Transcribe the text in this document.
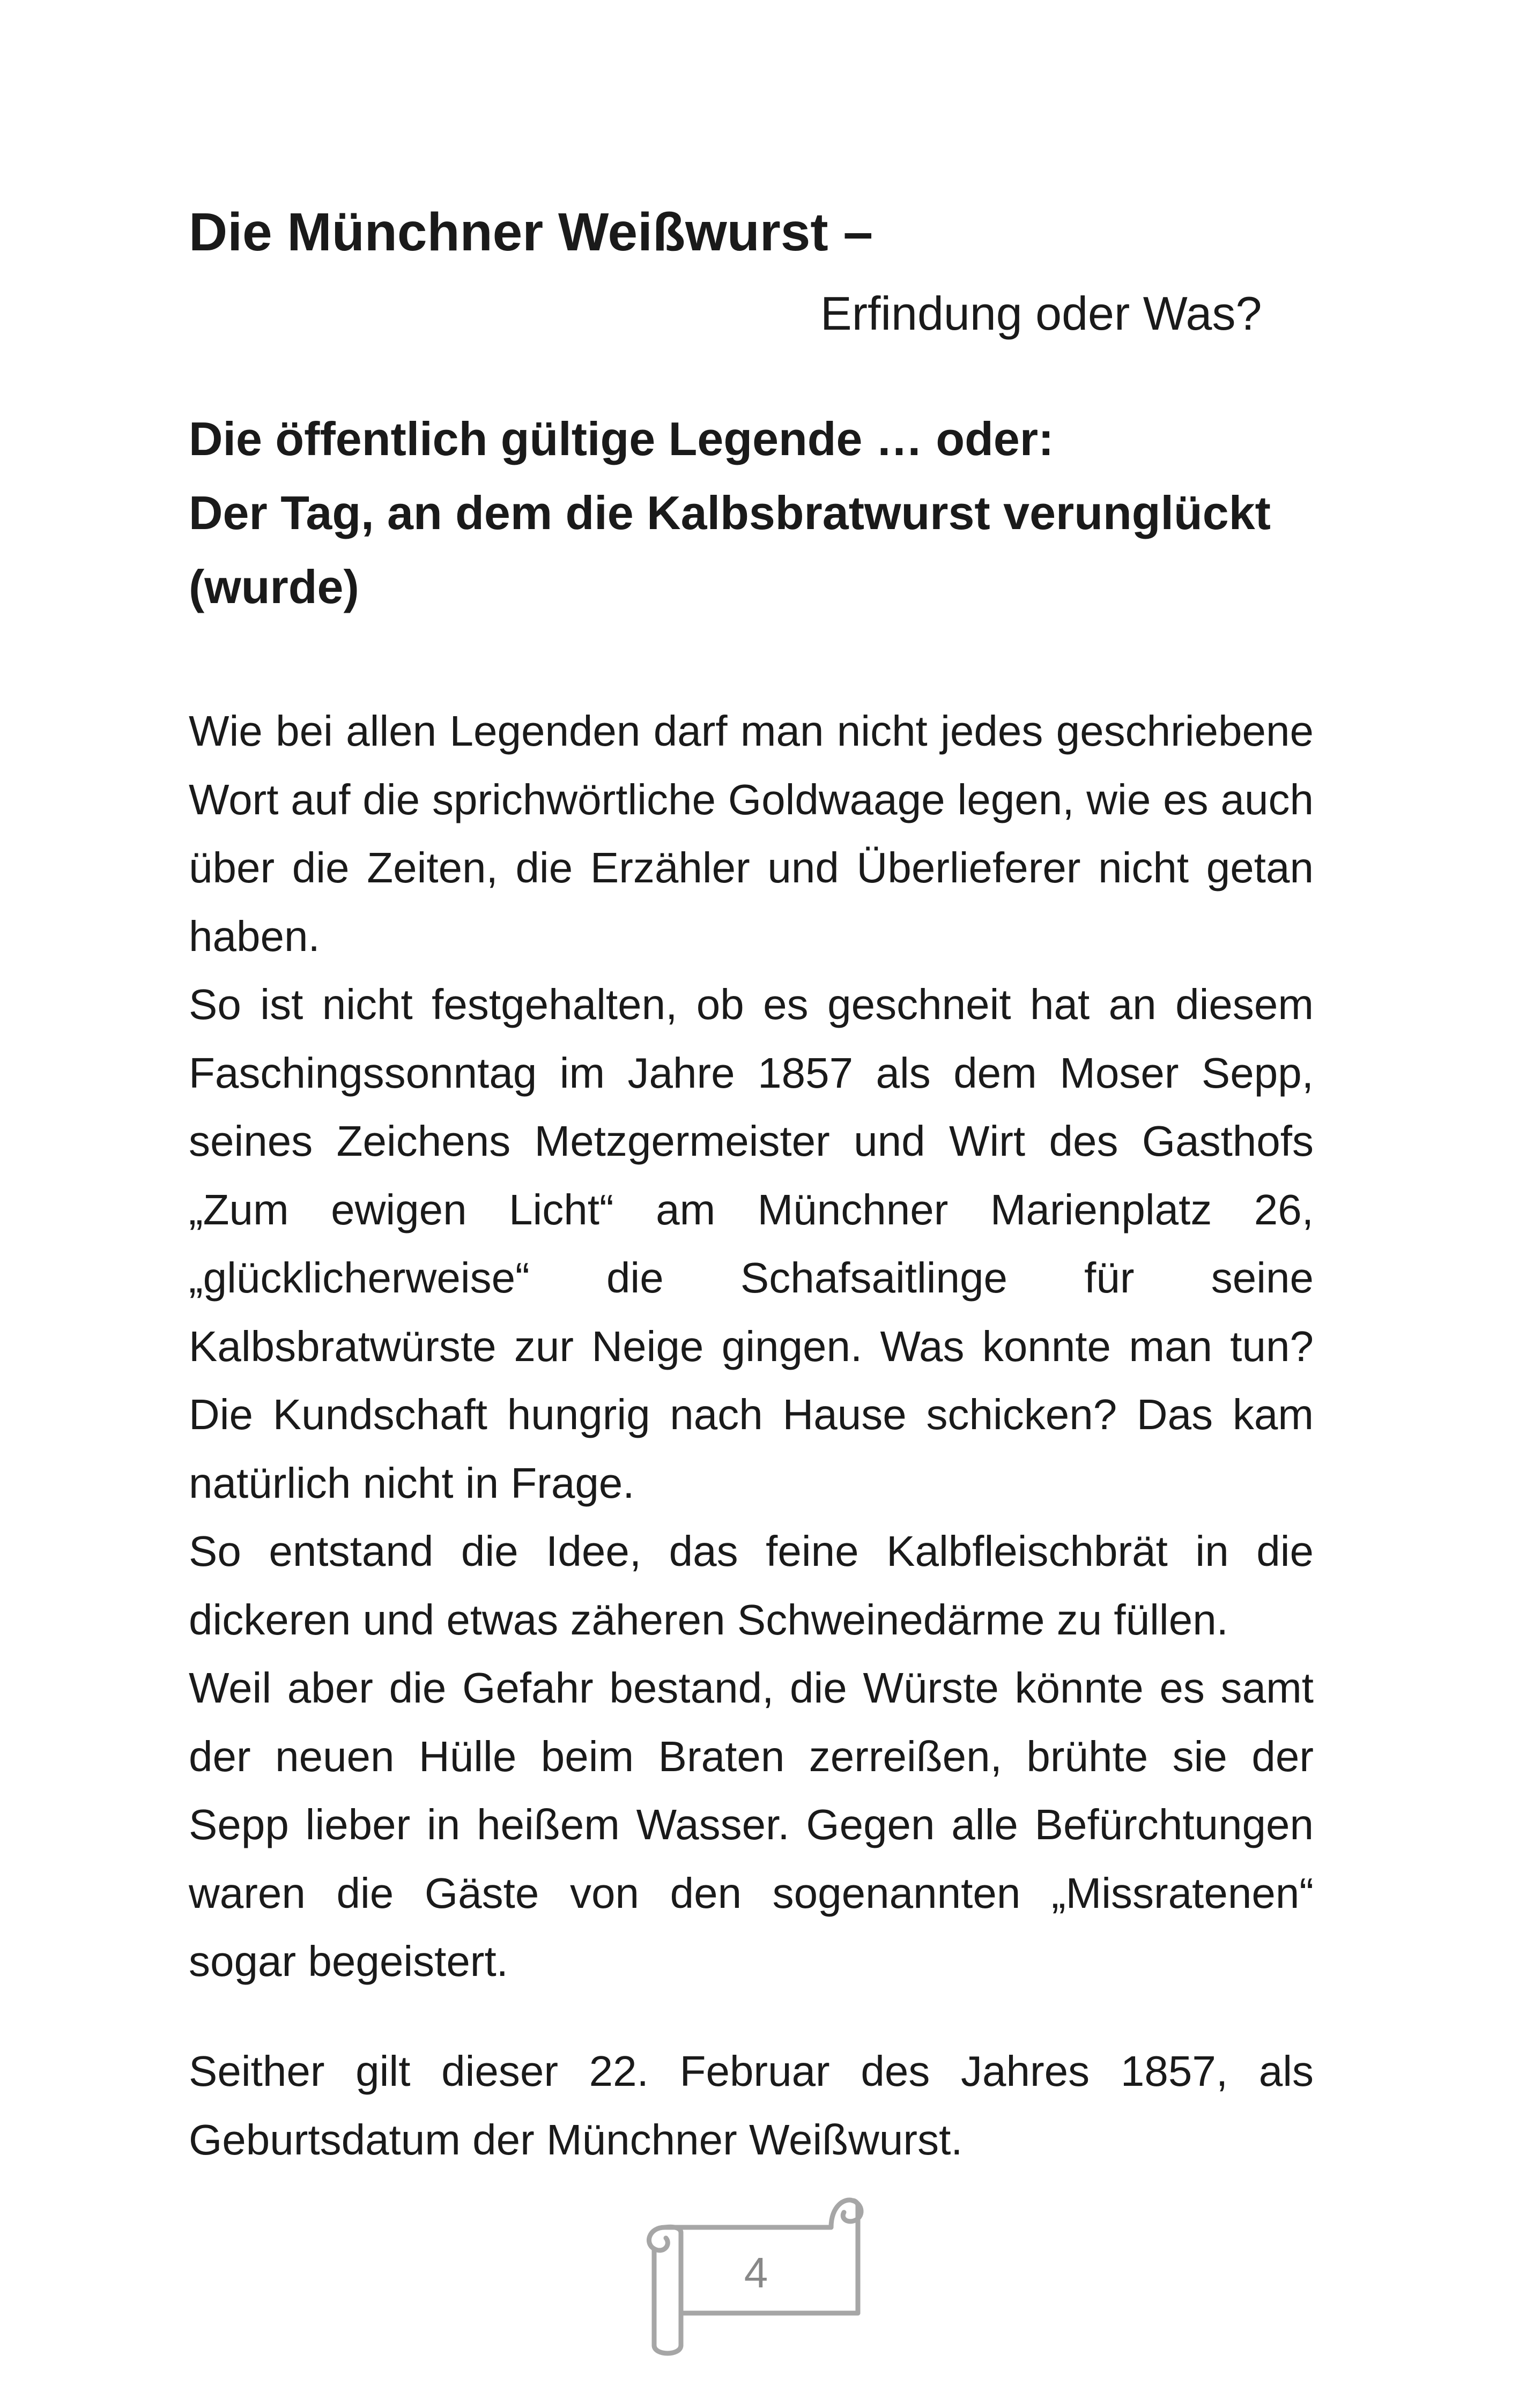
Die Münchner Weißwurst –
Erfindung oder Was?
Die öffentlich gültige Legende … oder:
Der Tag, an dem die Kalbsbratwurst verunglückt
(wurde)
Wie bei allen Legenden darf man nicht jedes geschriebene Wort auf die sprichwörtliche Goldwaage legen, wie es auch über die Zeiten, die Erzähler und Überlieferer nicht getan haben.
So ist nicht festgehalten, ob es geschneit hat an diesem Faschingssonntag im Jahre 1857 als dem Moser Sepp, seines Zeichens Metzgermeister und Wirt des Gasthofs „Zum ewigen Licht“ am Münchner Marienplatz 26, „glücklicherweise“ die Schafsaitlinge für seine Kalbsbratwürste zur Neige gingen. Was konnte man tun? Die Kundschaft hungrig nach Hause schicken? Das kam natürlich nicht in Frage.
So entstand die Idee, das feine Kalbfleischbrät in die dickeren und etwas zäheren Schweinedärme zu füllen.
Weil aber die Gefahr bestand, die Würste könnte es samt der neuen Hülle beim Braten zerreißen, brühte sie der Sepp lieber in heißem Wasser. Gegen alle Befürchtungen waren die Gäste von den sogenannten „Missratenen“ sogar begeistert.
Seither gilt dieser 22. Februar des Jahres 1857, als Geburtsdatum der Münchner Weißwurst.
4
